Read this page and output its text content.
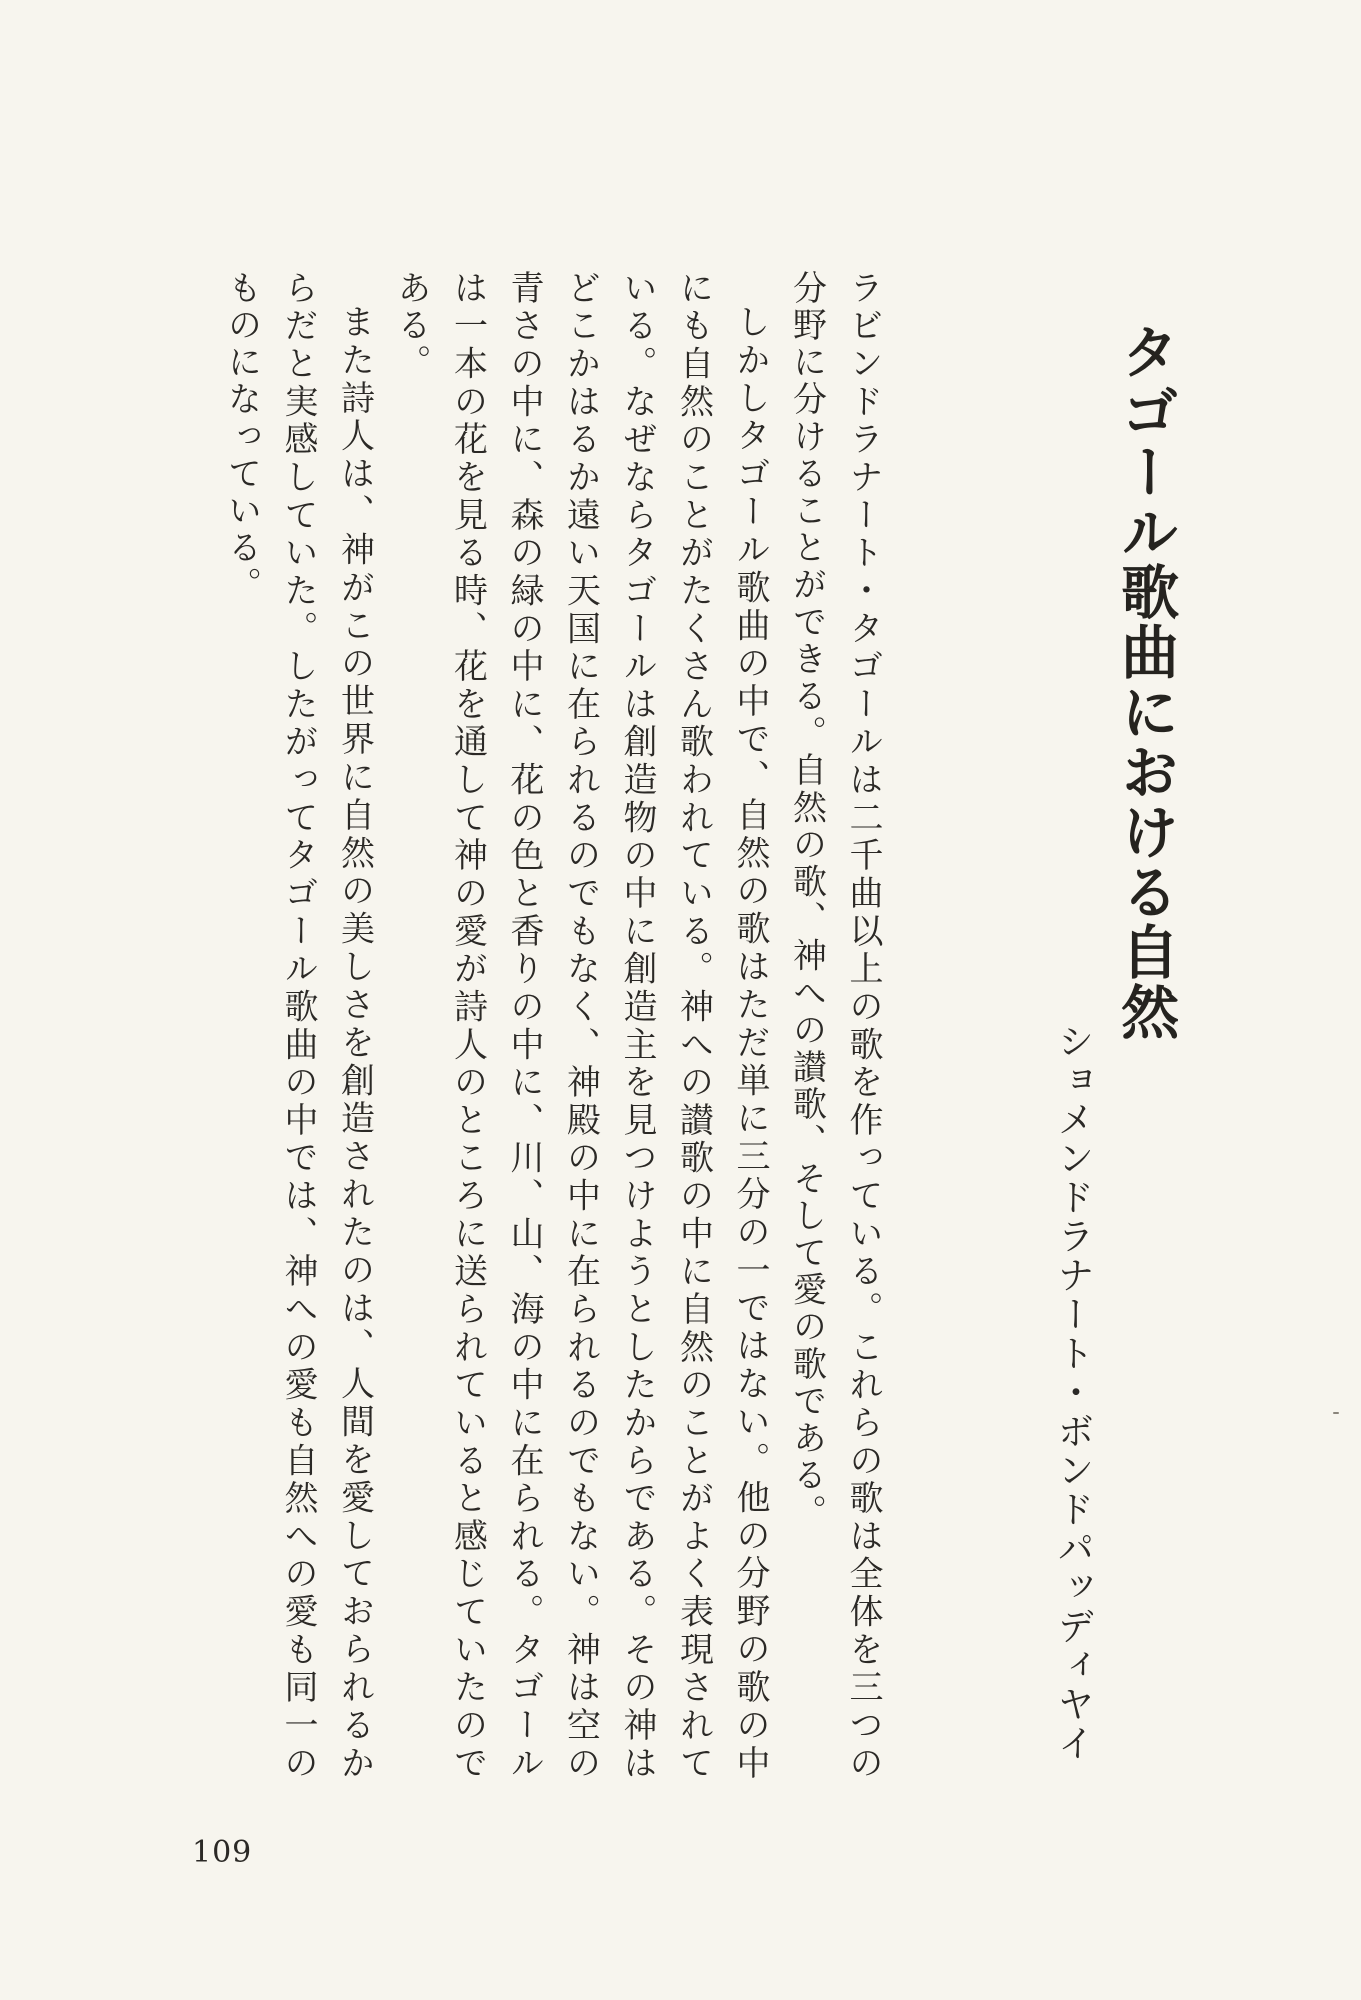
タゴール歌曲における自然
ショメンドラナート・ボンドパッディヤイ

ラビンドラナート・タゴールは二千曲以上の歌を作っている。これらの歌は全体を三つの分野に分けることができる。自然の歌、神への讃歌、そして愛の歌である。

しかしタゴール歌曲の中で、自然の歌はただ単に三分の一ではない。他の分野の歌の中にも自然のことがたくさん歌われている。神への讃歌の中に自然のことがよく表現されている。なぜならタゴールは創造物の中に創造主を見つけようとしたからである。その神はどこかはるか遠い天国に在られるのでもなく、神殿の中に在られるのでもない。神は空の青さの中に、森の緑の中に、花の色と香りの中に、川、山、海の中に在られる。タゴールは一本の花を見る時、花を通して神の愛が詩人のところに送られていると感じていたのである。

また詩人は、神がこの世界に自然の美しさを創造されたのは、人間を愛しておられるからだと実感していた。したがってタゴール歌曲の中では、神への愛も自然への愛も同一のものになっている。

109
